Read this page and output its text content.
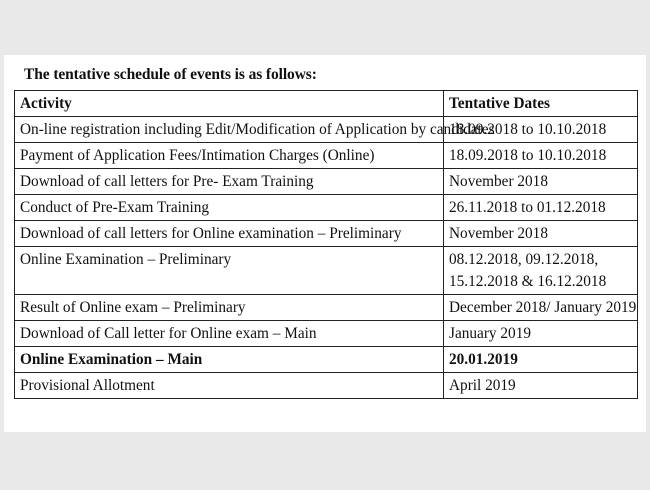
The tentative schedule of events is as follows:
Activity	Tentative Dates
On-line registration including Edit/Modification of Application by candidates	18.09.2018 to 10.10.2018
Payment of Application Fees/Intimation Charges (Online)	18.09.2018 to 10.10.2018
Download of call letters for Pre- Exam Training	November 2018
Conduct of Pre-Exam Training	26.11.2018 to 01.12.2018
Download of call letters for Online examination – Preliminary	November 2018
Online Examination – Preliminary	08.12.2018, 09.12.2018,
15.12.2018 & 16.12.2018

Result of Online exam – Preliminary	December 2018/ January 2019
Download of Call letter for Online exam – Main	January 2019
Online Examination – Main	20.01.2019
Provisional Allotment	April 2019
